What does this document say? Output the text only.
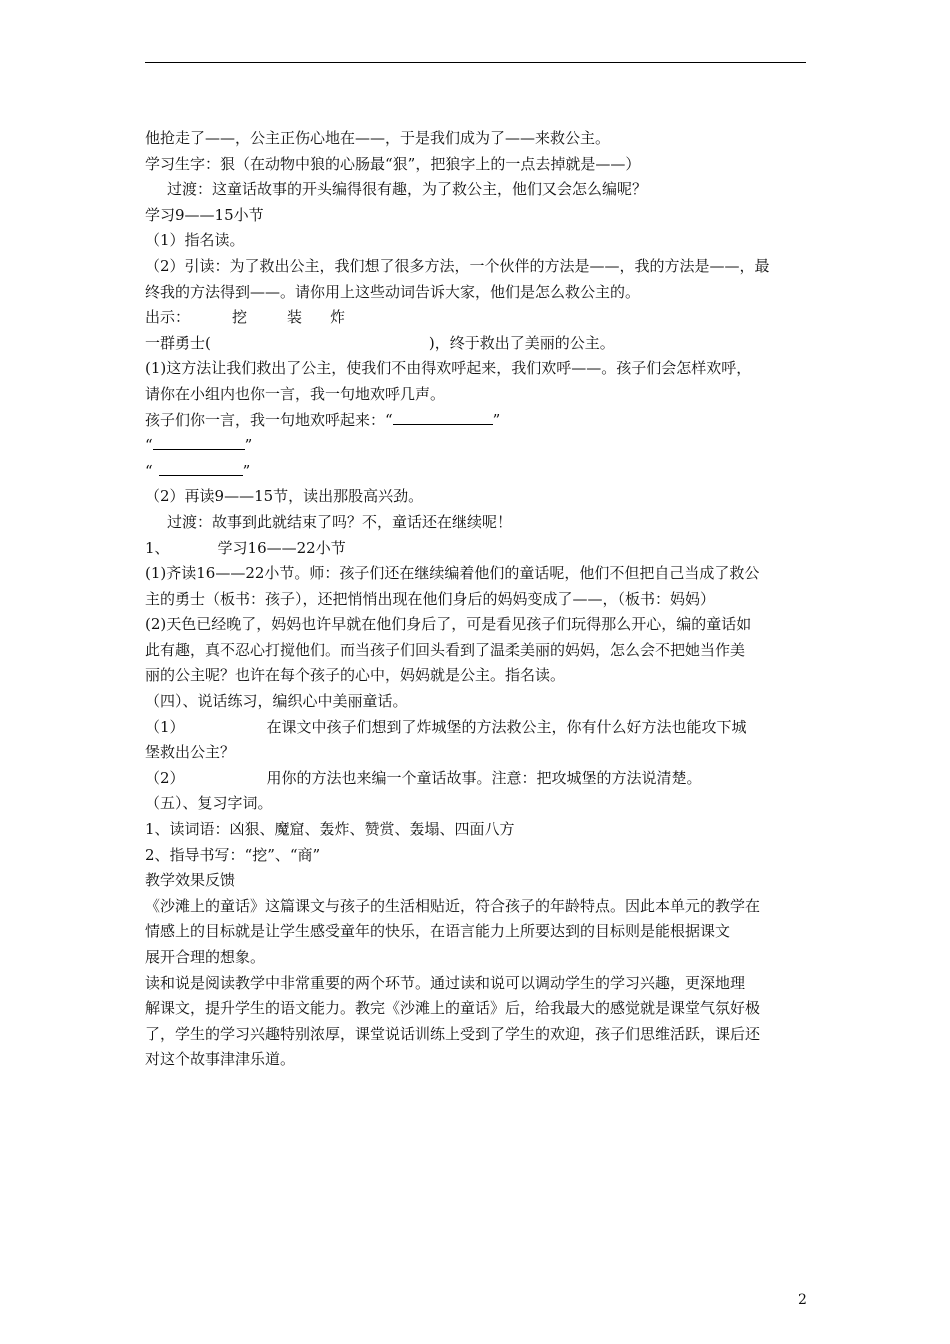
他抢走了——，公主正伤心地在——，于是我们成为了——来救公主。
学习生字：狠（在动物中狼的心肠最“狠”，把狼字上的一点去掉就是——）
过渡：这童话故事的开头编得很有趣，为了救公主，他们又会怎么编呢？
学习9——15小节
（1）指名读。
（2）引读：为了救出公主，我们想了很多方法，一个伙伴的方法是——，我的方法是——，最
终我的方法得到——。请你用上这些动词告诉大家，他们是怎么救公主的。
出示：	挖	装 炸
一群勇士(	)，终于救出了美丽的公主。
(1)这方法让我们救出了公主，使我们不由得欢呼起来，我们欢呼——。孩子们会怎样欢呼，
请你在小组内也你一言，我一句地欢呼几声。
孩子们你一言，我一句地欢呼起来：“	”
“	”
“	”
（2）再读9——15节，读出那股高兴劲。
过渡：故事到此就结束了吗？不，童话还在继续呢！
1、	学习16——22小节
(1)齐读16——22小节。师：孩子们还在继续编着他们的童话呢，他们不但把自己当成了救公
主的勇士（板书：孩子），还把悄悄出现在他们身后的妈妈变成了——，（板书：妈妈）
(2)天色已经晚了，妈妈也许早就在他们身后了，可是看见孩子们玩得那么开心，编的童话如
此有趣，真不忍心打搅他们。而当孩子们回头看到了温柔美丽的妈妈，怎么会不把她当作美
丽的公主呢？也许在每个孩子的心中，妈妈就是公主。指名读。
（四）、说话练习，编织心中美丽童话。
（1）	在课文中孩子们想到了炸城堡的方法救公主，你有什么好方法也能攻下城
堡救出公主？
（2）	用你的方法也来编一个童话故事。注意：把攻城堡的方法说清楚。
（五）、复习字词。
1、读词语：凶狠、魔窟、轰炸、赞赏、轰塌、四面八方
2、指导书写：“挖”、“商”
教学效果反馈
《沙滩上的童话》这篇课文与孩子的生活相贴近，符合孩子的年龄特点。因此本单元的教学在
情感上的目标就是让学生感受童年的快乐，在语言能力上所要达到的目标则是能根据课文
展开合理的想象。
读和说是阅读教学中非常重要的两个环节。通过读和说可以调动学生的学习兴趣，更深地理
解课文，提升学生的语文能力。教完《沙滩上的童话》后，给我最大的感觉就是课堂气氛好极
了，学生的学习兴趣特别浓厚，课堂说话训练上受到了学生的欢迎，孩子们思维活跃，课后还
对这个故事津津乐道。
2
